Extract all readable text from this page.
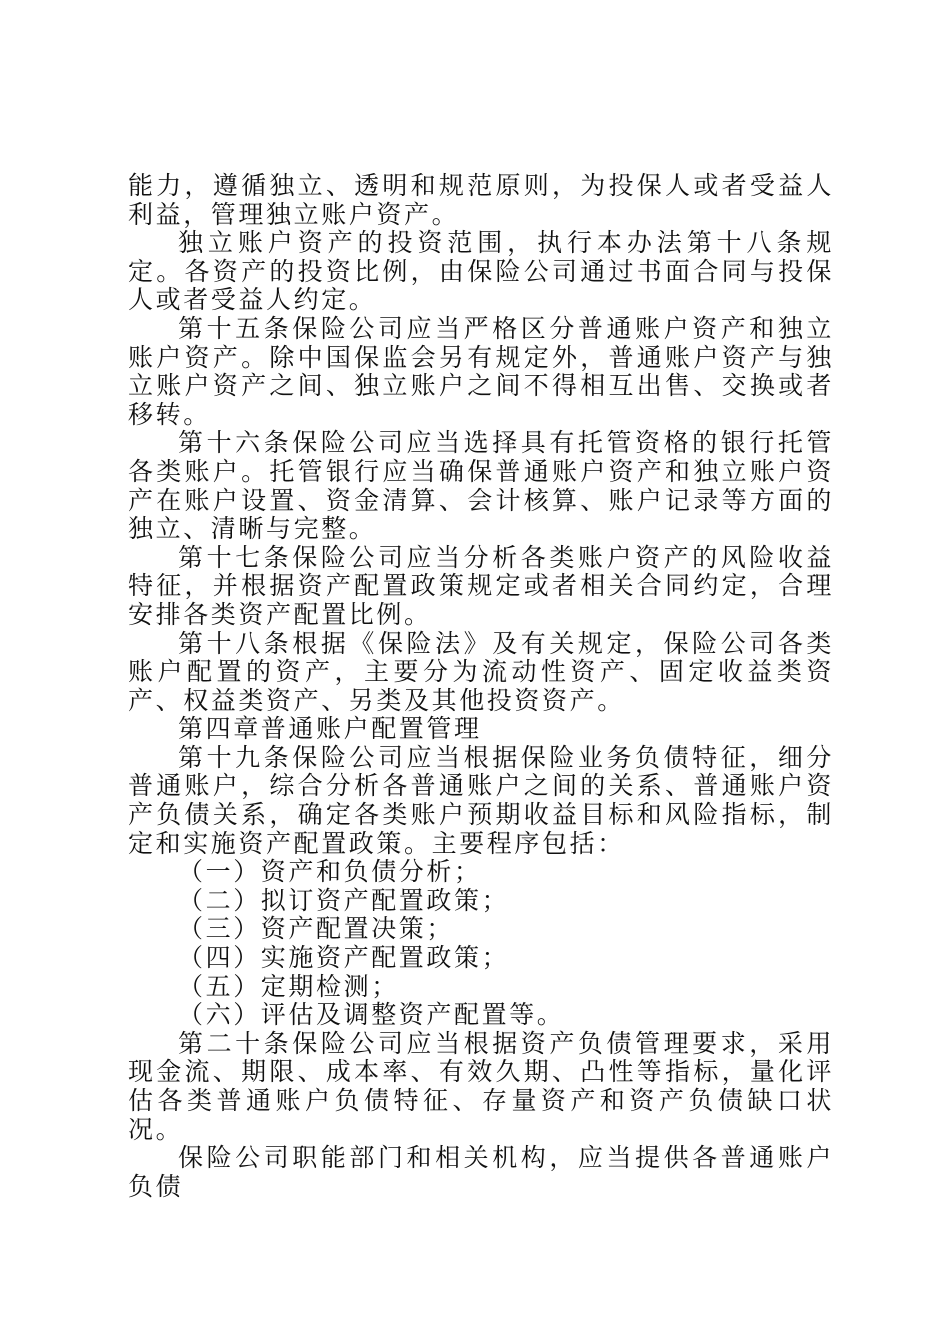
能力，遵循独立、透明和规范原则，为投保人或者受益人利益，管理独立账户资产。

独立账户资产的投资范围，执行本办法第十八条规定。各资产的投资比例，由保险公司通过书面合同与投保人或者受益人约定。

第十五条保险公司应当严格区分普通账户资产和独立账户资产。除中国保监会另有规定外，普通账户资产与独立账户资产之间、独立账户之间不得相互出售、交换或者移转。

第十六条保险公司应当选择具有托管资格的银行托管各类账户。托管银行应当确保普通账户资产和独立账户资产在账户设置、资金清算、会计核算、账户记录等方面的独立、清晰与完整。

第十七条保险公司应当分析各类账户资产的风险收益特征，并根据资产配置政策规定或者相关合同约定，合理安排各类资产配置比例。

第十八条根据《保险法》及有关规定，保险公司各类账户配置的资产，主要分为流动性资产、固定收益类资产、权益类资产、另类及其他投资资产。

第四章普通账户配置管理

第十九条保险公司应当根据保险业务负债特征，细分普通账户，综合分析各普通账户之间的关系、普通账户资产负债关系，确定各类账户预期收益目标和风险指标，制定和实施资产配置政策。主要程序包括：

（一）资产和负债分析；

（二）拟订资产配置政策；

（三）资产配置决策；

（四）实施资产配置政策；

（五）定期检测；

（六）评估及调整资产配置等。

第二十条保险公司应当根据资产负债管理要求，采用现金流、期限、成本率、有效久期、凸性等指标，量化评估各类普通账户负债特征、存量资产和资产负债缺口状况。

保险公司职能部门和相关机构，应当提供各普通账户负债
